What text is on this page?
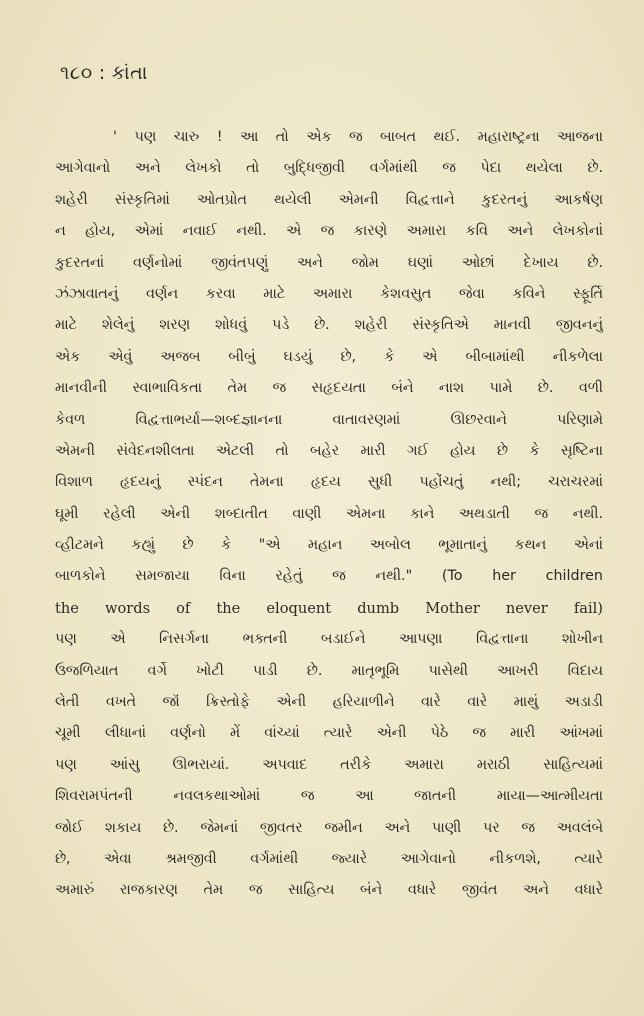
૧૮૦ : કાંતા
' પણ ચારુ ! આ તો એક જ બાબત થઈ. મહારાષ્ટ્રના આજના
આગેવાનો અને લેખકો તો બુદ્ધિજીવી વર્ગમાંથી જ પેદા થયેલા છે.
શહેરી સંસ્કૃતિમાં ઓતપ્રોત થયેલી એમની વિદ્વત્તાને કુદરતનું આકર્ષણ
ન હોય, એમાં નવાઈ નથી. એ જ કારણે અમારા કવિ અને લેખકોનાં
કુદરતનાં વર્ણનોમાં જીવંતપણું અને જોમ ઘણાં ઓછાં દેખાય છે.
ઝંઝાવાતનું વર્ણન કરવા માટે અમારા કેશવસુત જેવા કવિને સ્ફૂર્તિ
માટે શેલેનું શરણ શોધવું પડે છે. શહેરી સંસ્કૃતિએ માનવી જીવનનું
એક એવું અજબ બીબું ઘડયું છે, કે એ બીબામાંથી નીકળેલા
માનવીની સ્વાભાવિકતા તેમ જ સહૃદયતા બંને નાશ પામે છે. વળી
કેવળ વિદ્વત્તાભર્યા—શબ્દજ્ઞાનના વાતાવરણમાં ઊછરવાને પરિણામે
એમની સંવેદનશીલતા એટલી તો બહેર મારી ગઈ હોય છે કે સૃષ્ટિના
વિશાળ હૃદયનું સ્પંદન તેમના હૃદય સુધી પહોંચતું નથી; ચરાચરમાં
ઘૂમી રહેલી એની શબ્દાતીત વાણી એમના કાને અથડાતી જ નથી.
વ્હીટમને કહ્યું છે કે "એ મહાન અબોલ ભૂમાતાનું કથન એનાં
બાળકોને સમજાયા વિના રહેતું જ નથી." (To her children
the words of the eloquent dumb Mother never fail)
પણ એ નિસર્ગના ભક્તની બડાઈને આપણા વિદ્વત્તાના શોખીન
ઉજળિયાત વર્ગે ખોટી પાડી છે. માતૃભૂમિ પાસેથી આખરી વિદાય
લેતી વખતે જૉં ક્રિસ્તોફે એની હરિયાળીને વારે વારે માથું અડાડી
ચૂમી લીધાનાં વર્ણનો મેં વાંચ્યાં ત્યારે એની પેઠે જ મારી આંખમાં
પણ આંસુ ઊભરાયાં. અપવાદ તરીકે અમારા મરાઠી સાહિત્યમાં
શિવરામપંતની નવલકથાઓમાં જ આ જાતની માયા—આત્મીયતા
જોઈ શકાય છે. જેમનાં જીવતર જમીન અને પાણી પર જ અવલંબે
છે, એવા શ્રમજીવી વર્ગમાંથી જ્યારે આગેવાનો નીકળશે, ત્યારે
અમારું રાજકારણ તેમ જ સાહિત્ય બંને વધારે જીવંત અને વધારે
